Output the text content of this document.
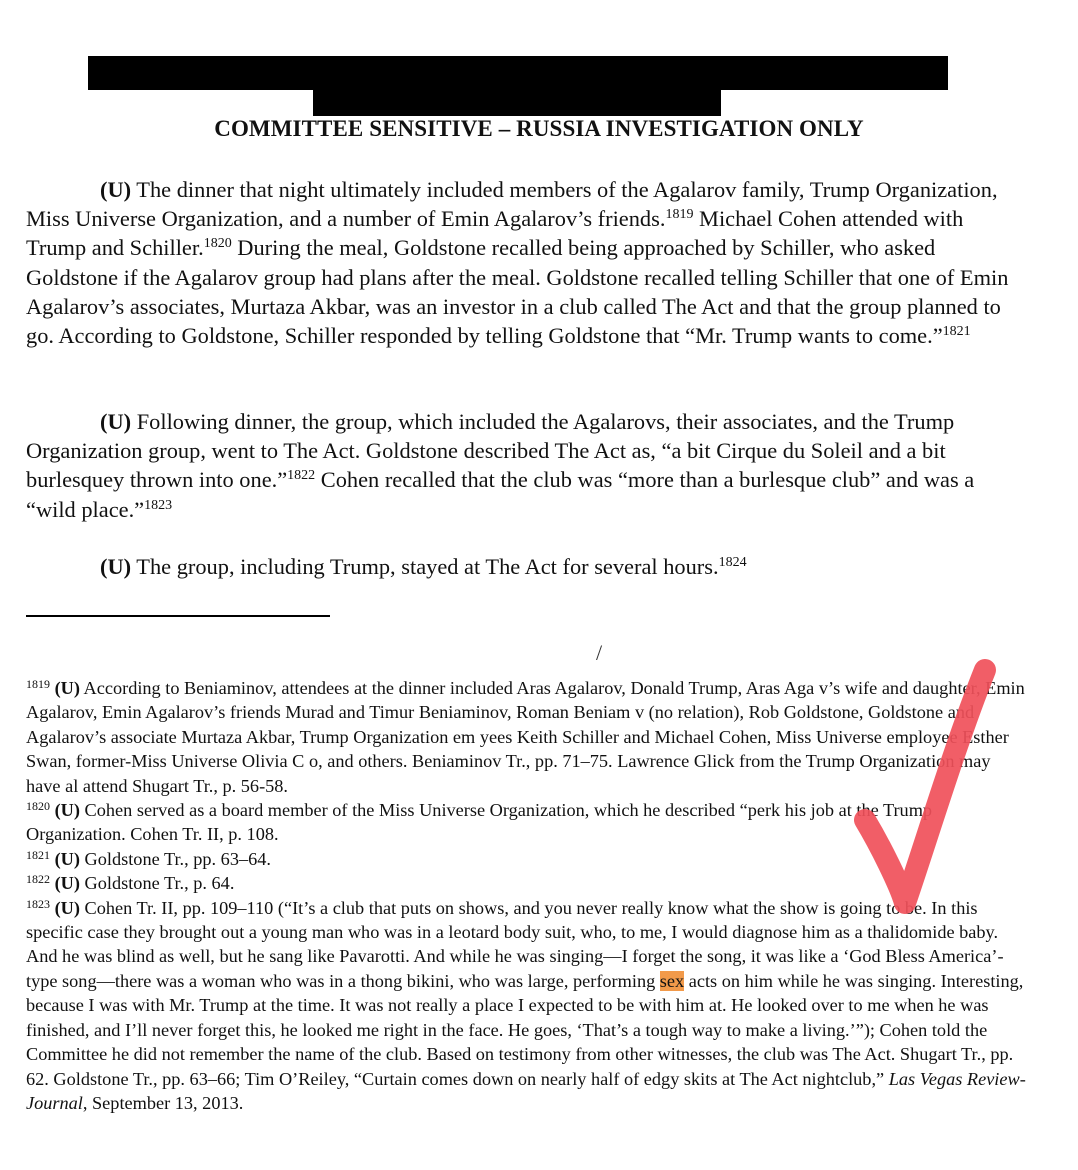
COMMITTEE SENSITIVE – RUSSIA INVESTIGATION ONLY

(U) The dinner that night ultimately included members of the Agalarov family, Trump Organization, Miss Universe Organization, and a number of Emin Agalarov’s friends.$^{1819}$ Michael Cohen attended with Trump and Schiller.$^{1820}$ During the meal, Goldstone recalled being approached by Schiller, who asked Goldstone if the Agalarov group had plans after the meal. Goldstone recalled telling Schiller that one of Emin Agalarov’s associates, Murtaza Akbar, was an investor in a club called The Act and that the group planned to go. According to Goldstone, Schiller responded by telling Goldstone that “Mr. Trump wants to come.”$^{1821}$

(U) Following dinner, the group, which included the Agalarovs, their associates, and the Trump Organization group, went to The Act. Goldstone described The Act as, “a bit Cirque du Soleil and a bit burlesquey thrown into one.”$^{1822}$ Cohen recalled that the club was “more than a burlesque club” and was a “wild place.”$^{1823}$

(U) The group, including Trump, stayed at The Act for several hours.$^{1824}$

/

$^{1819}$ (U) According to Beniaminov, attendees at the dinner included Aras Agalarov, Donald Trump, Aras Aga v’s wife and daughter, Emin Agalarov, Emin Agalarov’s friends Murad and Timur Beniaminov, Roman Beniam v (no relation), Rob Goldstone, Goldstone and Agalarov’s associate Murtaza Akbar, Trump Organization em yees Keith Schiller and Michael Cohen, Miss Universe employee Esther Swan, former-Miss Universe Olivia C o, and others. Beniaminov Tr., pp. 71–75. Lawrence Glick from the Trump Organization may have al attend Shugart Tr., p. 56-58.

$^{1820}$ (U) Cohen served as a board member of the Miss Universe Organization, which he described “perk his job at the Trump Organization. Cohen Tr. II, p. 108.

$^{1821}$ (U) Goldstone Tr., pp. 63–64.

$^{1822}$ (U) Goldstone Tr., p. 64.

$^{1823}$ (U) Cohen Tr. II, pp. 109–110 (“It’s a club that puts on shows, and you never really know what the show is going to be. In this specific case they brought out a young man who was in a leotard body suit, who, to me, I would diagnose him as a thalidomide baby. And he was blind as well, but he sang like Pavarotti. And while he was singing—I forget the song, it was like a ‘God Bless America’-type song—there was a woman who was in a thong bikini, who was large, performing sex acts on him while he was singing. Interesting, because I was with Mr. Trump at the time. It was not really a place I expected to be with him at. He looked over to me when he was finished, and I’ll never forget this, he looked me right in the face. He goes, ‘That’s a tough way to make a living.’”); Cohen told the Committee he did not remember the name of the club. Based on testimony from other witnesses, the club was The Act. Shugart Tr., pp. 62. Goldstone Tr., pp. 63–66; Tim O’Reiley, “Curtain comes down on nearly half of edgy skits at The Act nightclub,” Las Vegas Review-Journal, September 13, 2013.
